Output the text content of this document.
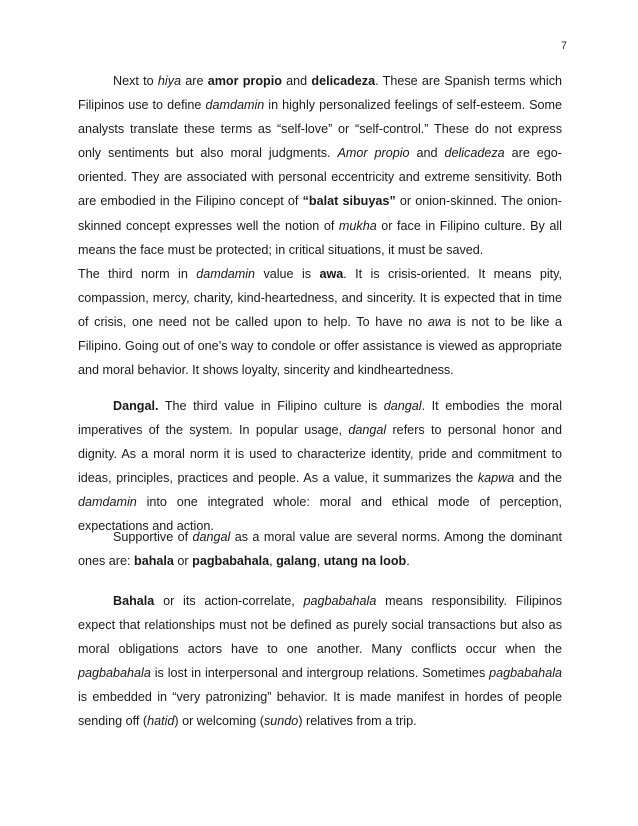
7

Next to hiya are amor propio and delicadeza. These are Spanish terms which Filipinos use to define damdamin in highly personalized feelings of self-esteem. Some analysts translate these terms as “self-love” or “self-control.” These do not express only sentiments but also moral judgments. Amor propio and delicadeza are ego-oriented. They are associated with personal eccentricity and extreme sensitivity. Both are embodied in the Filipino concept of “balat sibuyas” or onion-skinned. The onion-skinned concept expresses well the notion of mukha or face in Filipino culture. By all means the face must be protected; in critical situations, it must be saved.

The third norm in damdamin value is awa. It is crisis-oriented. It means pity, compassion, mercy, charity, kind-heartedness, and sincerity. It is expected that in time of crisis, one need not be called upon to help. To have no awa is not to be like a Filipino. Going out of one’s way to condole or offer assistance is viewed as appropriate and moral behavior. It shows loyalty, sincerity and kindheartedness.

Dangal. The third value in Filipino culture is dangal. It embodies the moral imperatives of the system. In popular usage, dangal refers to personal honor and dignity. As a moral norm it is used to characterize identity, pride and commitment to ideas, principles, practices and people. As a value, it summarizes the kapwa and the damdamin into one integrated whole: moral and ethical mode of perception, expectations and action.

Supportive of dangal as a moral value are several norms. Among the dominant ones are: bahala or pagbabahala, galang, utang na loob.

Bahala or its action-correlate, pagbabahala means responsibility. Filipinos expect that relationships must not be defined as purely social transactions but also as moral obligations actors have to one another. Many conflicts occur when the pagbabahala is lost in interpersonal and intergroup relations. Sometimes pagbabahala is embedded in “very patronizing” behavior. It is made manifest in hordes of people sending off (hatid) or welcoming (sundo) relatives from a trip.
